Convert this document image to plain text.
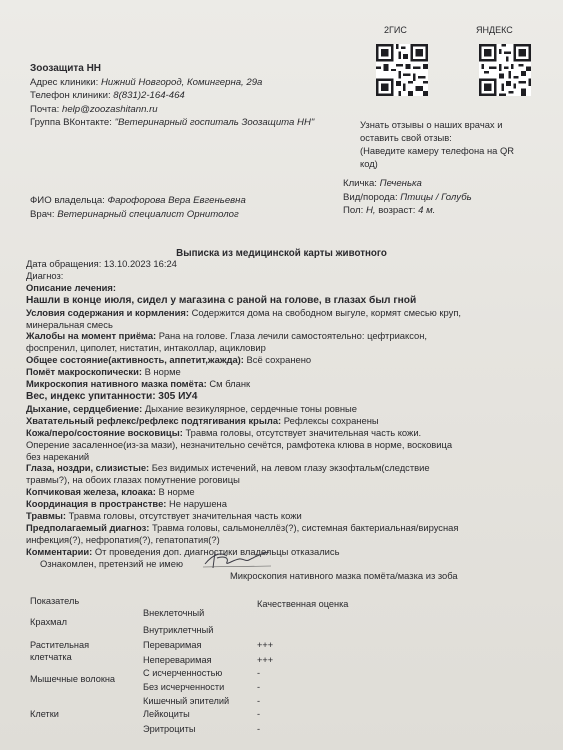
Зоозащита НН
Адрес клиники: Нижний Новгород, Комингерна, 29а
Телефон клиники: 8(831)2-164-464
Почта: help@zoozashitann.ru
Группа ВКонтакте: "Ветеринарный госпиталь Зоозащита НН"
2ГИС	ЯНДЕКС
Узнать отзывы о наших врачах и
оставить свой отзыв:
(Наведите камеру телефона на QR
код)
ФИО владельца: Фарофорова Вера Евгеньевна
Врач: Ветеринарный специалист Орнитолог
Кличка: Печенька
Вид/порода: Птицы / Голубь
Пол: Н, возраст: 4 м.
Выписка из медицинской карты животного
Дата обращения: 13.10.2023 16:24
Диагноз:
Описание лечения:
Нашли в конце июля, сидел у магазина с раной на голове, в глазах был гной
Условия содержания и кормления: Содержится дома на свободном выгуле, кормят смесью круп,
минеральная смесь
Жалобы на момент приёма: Рана на голове. Глаза лечили самостоятельно: цефтриаксон,
фоспренил, циполет, нистатин, интаколлар, ацикловир
Общее состояние(активность, аппетит,жажда): Всё сохранено
Помёт макроскопически: В норме
Микроскопия нативного мазка помёта: См бланк
Вес, индекс упитанности: 305 ИУ4
Дыхание, сердцебиение: Дыхание везикулярное, сердечные тоны ровные
Хватательный рефлекс/рефлекс подтягивания крыла: Рефлексы сохранены
Кожа/перо/состояние восковицы: Травма головы, отсутствует значительная часть кожи.
Оперение засаленное(из-за мази), незначительно сечётся, рамфотека клюва в норме, восковица
без нареканий
Глаза, ноздри, слизистые: Без видимых истечений, на левом глазу экзофтальм(следствие
травмы?), на обоих глазах помутнение роговицы
Копчиковая железа, клоака: В норме
Координация в пространстве: Не нарушена
Травмы: Травма головы, отсутствует значительная часть кожи
Предполагаемый диагноз: Травма головы, сальмонеллёз(?), системная бактериальная/вирусная
инфекция(?), нефропатия(?), гепатопатия(?)
Комментарии: От проведения доп. диагностики владельцы отказались
Ознакомлен, претензий не имею
Микроскопия нативного мазка помёта/мазка из зоба
Показатель	Качественная оценка
Крахмал
Внеклеточный
Внутриклетчный
Растительная
клетчатка
Переваримая	+++
Непереваримая	+++
Мышечные волокна
С исчерченностью	-
Без исчерченности	-
Кишечный эпителий	-
Клетки	Лейкоциты	-
Эритроциты	-
